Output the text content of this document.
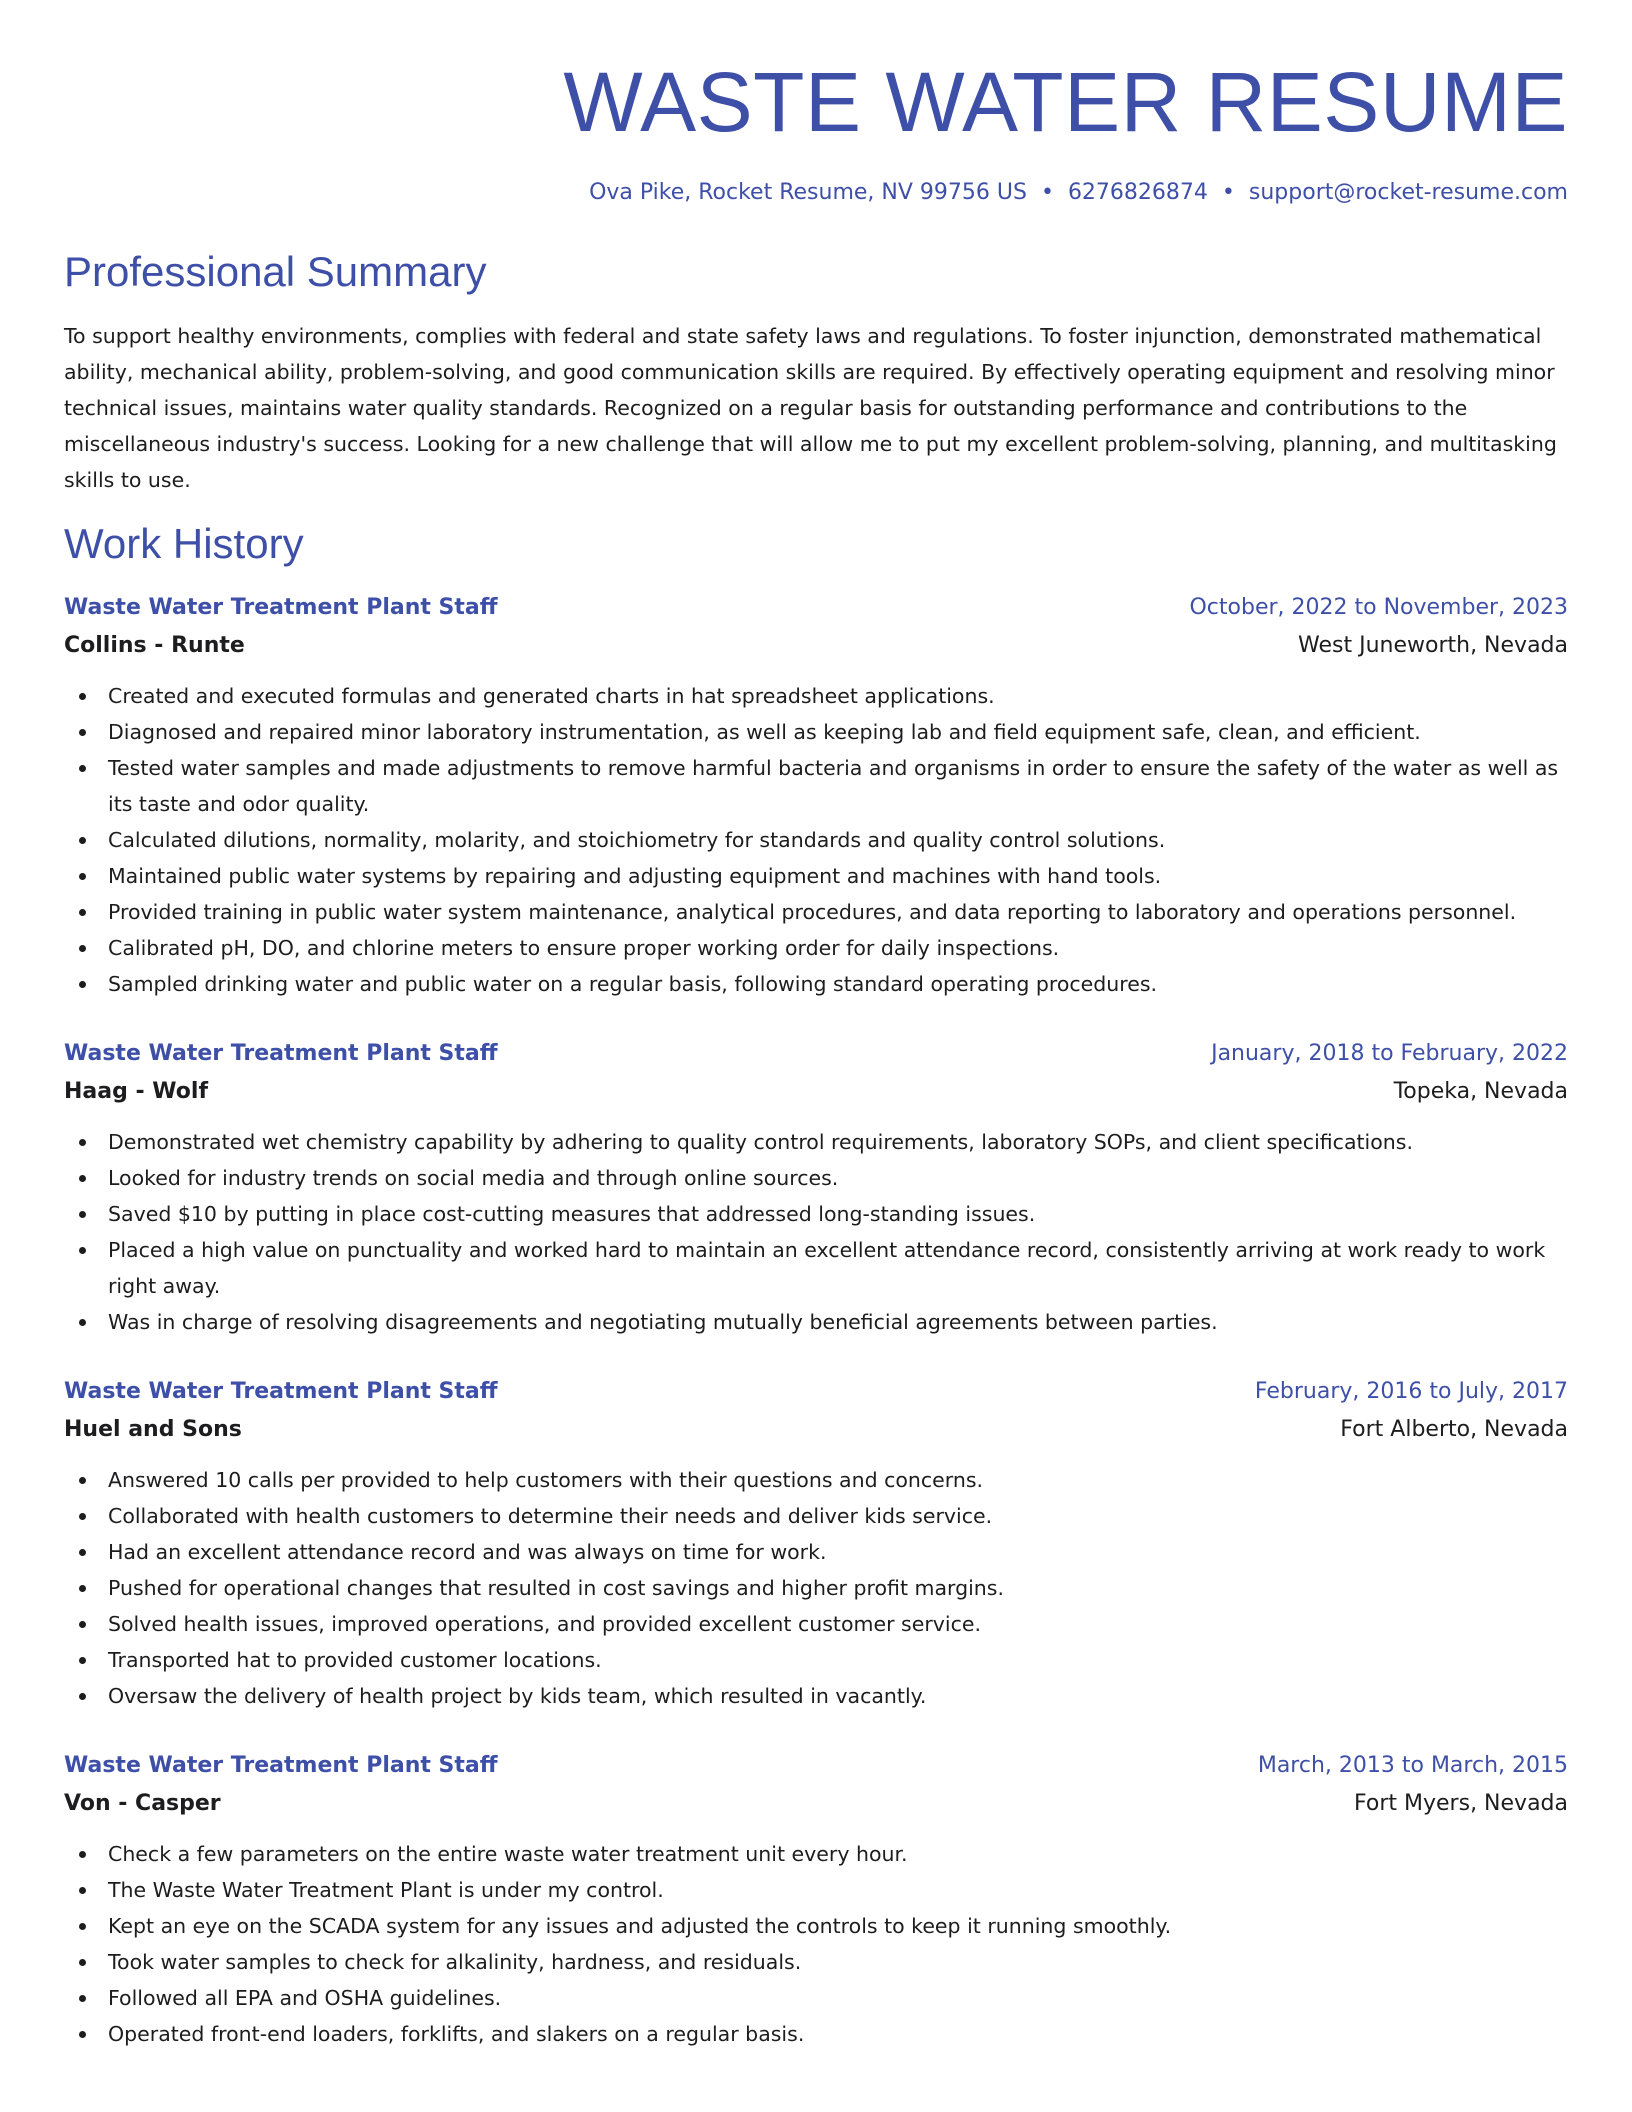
WASTE WATER RESUME
Ova Pike, Rocket Resume, NV 99756 US • 6276826874 • support@rocket-resume.com
Professional Summary

To support healthy environments, complies with federal and state safety laws and regulations. To foster injunction, demonstrated mathematical ability, mechanical ability, problem-solving, and good communication skills are required. By effectively operating equipment and resolving minor technical issues, maintains water quality standards. Recognized on a regular basis for outstanding performance and contributions to the miscellaneous industry's success. Looking for a new challenge that will allow me to put my excellent problem-solving, planning, and multitasking skills to use.

Work History
Waste Water Treatment Plant Staff	October, 2022 to November, 2023
Collins - Runte	West Juneworth, Nevada
Created and executed formulas and generated charts in hat spreadsheet applications.
Diagnosed and repaired minor laboratory instrumentation, as well as keeping lab and field equipment safe, clean, and efficient.
Tested water samples and made adjustments to remove harmful bacteria and organisms in order to ensure the safety of the water as well as its taste and odor quality.
Calculated dilutions, normality, molarity, and stoichiometry for standards and quality control solutions.
Maintained public water systems by repairing and adjusting equipment and machines with hand tools.
Provided training in public water system maintenance, analytical procedures, and data reporting to laboratory and operations personnel.
Calibrated pH, DO, and chlorine meters to ensure proper working order for daily inspections.
Sampled drinking water and public water on a regular basis, following standard operating procedures.
Waste Water Treatment Plant Staff	January, 2018 to February, 2022
Haag - Wolf	Topeka, Nevada
Demonstrated wet chemistry capability by adhering to quality control requirements, laboratory SOPs, and client specifications.
Looked for industry trends on social media and through online sources.
Saved $10 by putting in place cost-cutting measures that addressed long-standing issues.
Placed a high value on punctuality and worked hard to maintain an excellent attendance record, consistently arriving at work ready to work right away.
Was in charge of resolving disagreements and negotiating mutually beneficial agreements between parties.
Waste Water Treatment Plant Staff	February, 2016 to July, 2017
Huel and Sons	Fort Alberto, Nevada
Answered 10 calls per provided to help customers with their questions and concerns.
Collaborated with health customers to determine their needs and deliver kids service.
Had an excellent attendance record and was always on time for work.
Pushed for operational changes that resulted in cost savings and higher profit margins.
Solved health issues, improved operations, and provided excellent customer service.
Transported hat to provided customer locations.
Oversaw the delivery of health project by kids team, which resulted in vacantly.
Waste Water Treatment Plant Staff	March, 2013 to March, 2015
Von - Casper	Fort Myers, Nevada
Check a few parameters on the entire waste water treatment unit every hour.
The Waste Water Treatment Plant is under my control.
Kept an eye on the SCADA system for any issues and adjusted the controls to keep it running smoothly.
Took water samples to check for alkalinity, hardness, and residuals.
Followed all EPA and OSHA guidelines.
Operated front-end loaders, forklifts, and slakers on a regular basis.
